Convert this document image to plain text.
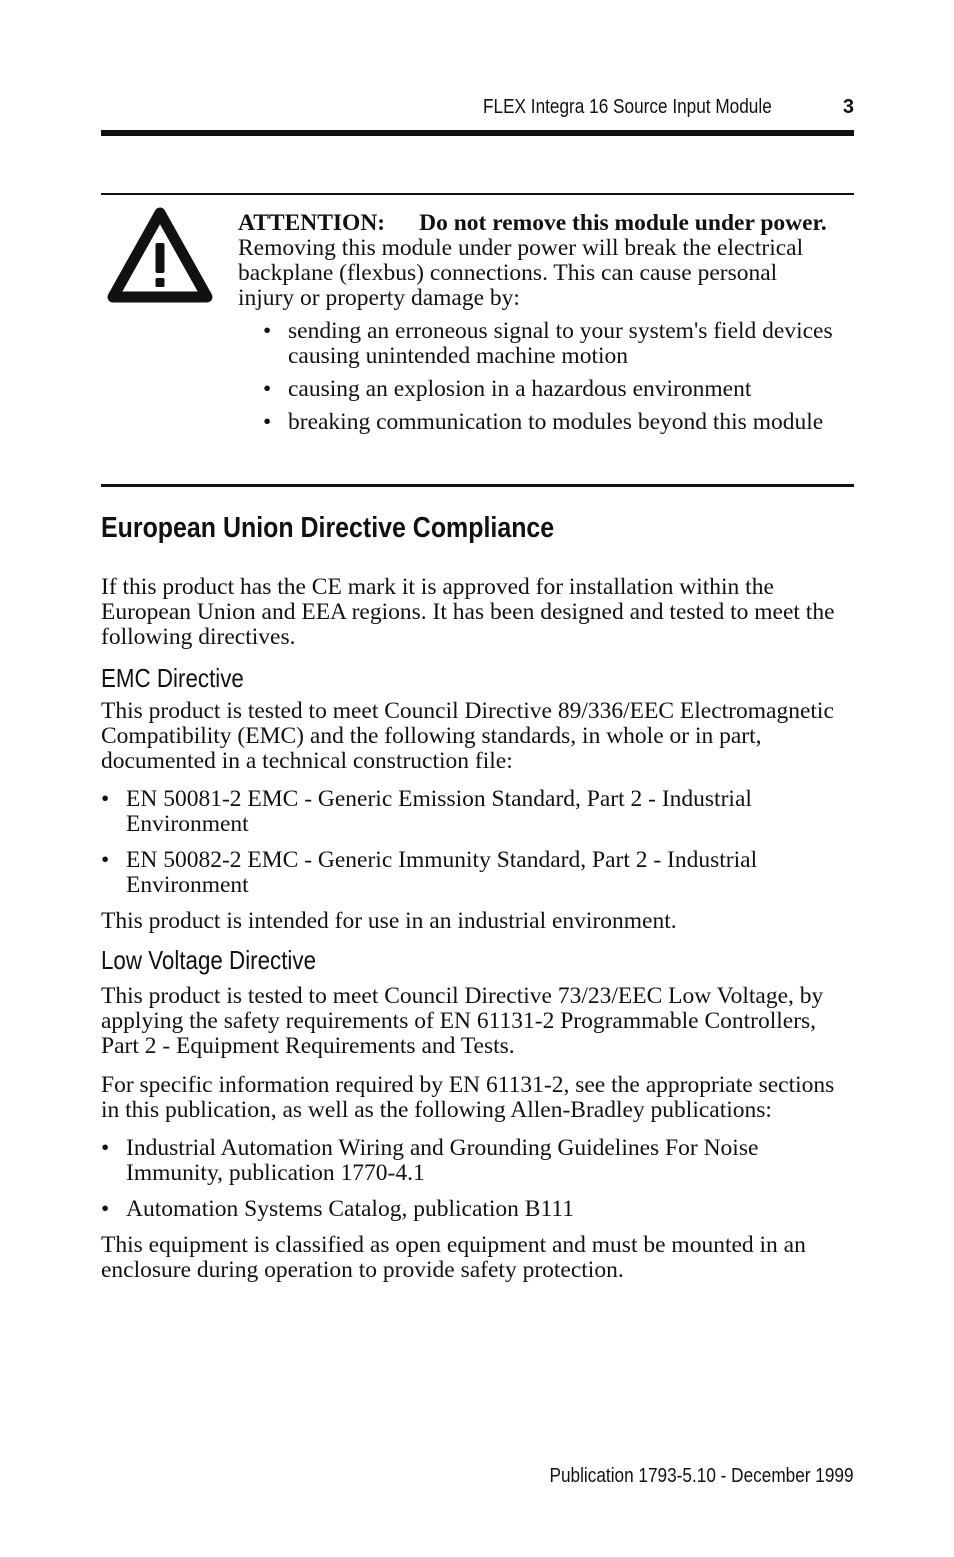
FLEX Integra 16 Source Input Module	3

ATTENTION: Do not remove this module under power. Removing this module under power will break the electrical backplane (flexbus) connections. This can cause personal injury or property damage by:

• sending an erroneous signal to your system's field devices causing unintended machine motion
• causing an explosion in a hazardous environment
• breaking communication to modules beyond this module
European Union Directive Compliance

If this product has the CE mark it is approved for installation within the European Union and EEA regions. It has been designed and tested to meet the following directives.

EMC Directive

This product is tested to meet Council Directive 89/336/EEC Electromagnetic Compatibility (EMC) and the following standards, in whole or in part, documented in a technical construction file:

• EN 50081-2 EMC - Generic Emission Standard, Part 2 - Industrial Environment
• EN 50082-2 EMC - Generic Immunity Standard, Part 2 - Industrial Environment

This product is intended for use in an industrial environment.

Low Voltage Directive

This product is tested to meet Council Directive 73/23/EEC Low Voltage, by applying the safety requirements of EN 61131-2 Programmable Controllers, Part 2 - Equipment Requirements and Tests.

For specific information required by EN 61131-2, see the appropriate sections in this publication, as well as the following Allen-Bradley publications:

• Industrial Automation Wiring and Grounding Guidelines For Noise Immunity, publication 1770-4.1
• Automation Systems Catalog, publication B111

This equipment is classified as open equipment and must be mounted in an enclosure during operation to provide safety protection.

Publication 1793-5.10 - December 1999
